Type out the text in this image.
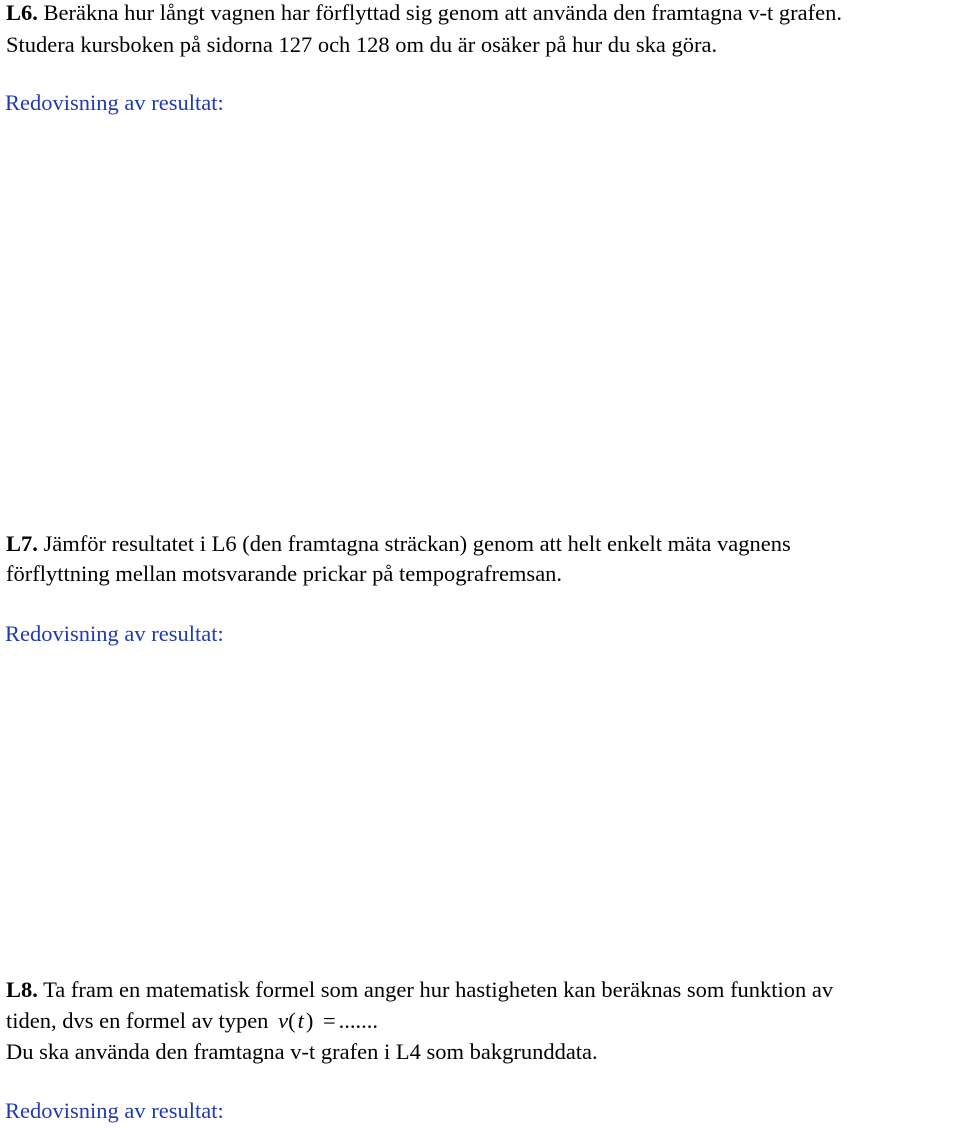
L6. Beräkna hur långt vagnen har förflyttad sig genom att använda den framtagna v-t grafen.
Studera kursboken på sidorna 127 och 128 om du är osäker på hur du ska göra.
Redovisning av resultat:
L7. Jämför resultatet i L6 (den framtagna sträckan) genom att helt enkelt mäta vagnens
förflyttning mellan motsvarande prickar på tempografremsan.
Redovisning av resultat:
L8. Ta fram en matematisk formel som anger hur hastigheten kan beräknas som funktion av
tiden, dvs en formel av typen v(t) = .......
Du ska använda den framtagna v-t grafen i L4 som bakgrunddata.
Redovisning av resultat:
